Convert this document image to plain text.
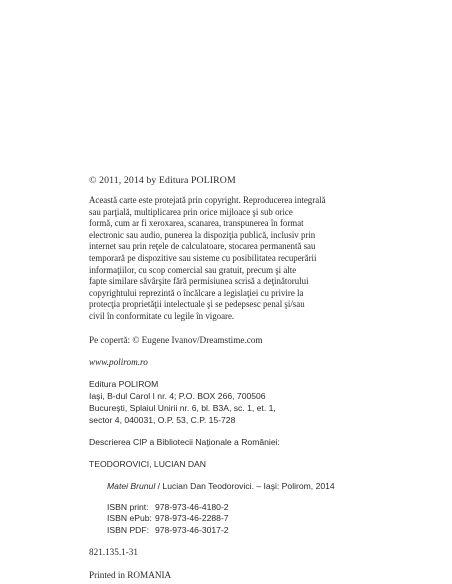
© 2011, 2014 by Editura POLIROM
Această carte este protejată prin copyright. Reproducerea integrală
sau parţială, multiplicarea prin orice mijloace şi sub orice
formă, cum ar fi xeroxarea, scanarea, transpunerea în format
electronic sau audio, punerea la dispoziţia publică, inclusiv prin
internet sau prin reţele de calculatoare, stocarea permanentă sau
temporară pe dispozitive sau sisteme cu posibilitatea recuperării
informaţiilor, cu scop comercial sau gratuit, precum şi alte
fapte similare săvârşite fără permisiunea scrisă a deţinătorului
copyrightului reprezintă o încălcare a legislaţiei cu privire la
protecţia proprietăţii intelectuale şi se pedepsesc penal şi/sau
civil în conformitate cu legile în vigoare.
Pe copertă: © Eugene Ivanov/Dreamstime.com
www.polirom.ro
Editura POLIROM
Iaşi, B-dul Carol I nr. 4; P.O. BOX 266, 700506
Bucureşti, Splaiul Unirii nr. 6, bl. B3A, sc. 1, et. 1,
sector 4, 040031, O.P. 53, C.P. 15-728
Descrierea CIP a Bibliotecii Naţionale a României:
TEODOROVICI, LUCIAN DAN
Matei Brunul / Lucian Dan Teodorovici. – Iaşi: Polirom, 2014
ISBN print: 978-973-46-4180-2
ISBN ePub: 978-973-46-2288-7
ISBN PDF: 978-973-46-3017-2
821.135.1-31
Printed in ROMANIA
